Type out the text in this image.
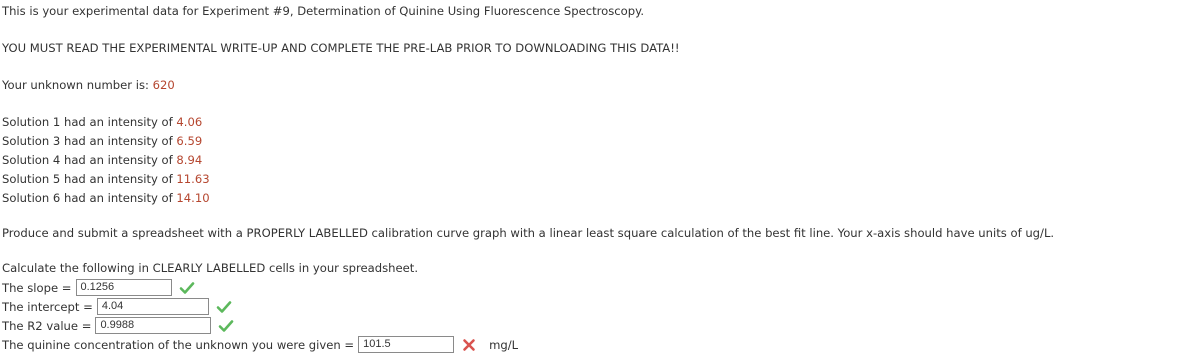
This is your experimental data for Experiment #9, Determination of Quinine Using Fluorescence Spectroscopy.
YOU MUST READ THE EXPERIMENTAL WRITE-UP AND COMPLETE THE PRE-LAB PRIOR TO DOWNLOADING THIS DATA!!
Your unknown number is: 620
Solution 1 had an intensity of 4.06
Solution 3 had an intensity of 6.59
Solution 4 had an intensity of 8.94
Solution 5 had an intensity of 11.63
Solution 6 had an intensity of 14.10
Produce and submit a spreadsheet with a PROPERLY LABELLED calibration curve graph with a linear least square calculation of the best fit line. Your x-axis should have units of ug/L.
Calculate the following in CLEARLY LABELLED cells in your spreadsheet.
The slope = 0.1256
The intercept = 4.04
The R2 value = 0.9988
The quinine concentration of the unknown you were given = 101.5	mg/L
